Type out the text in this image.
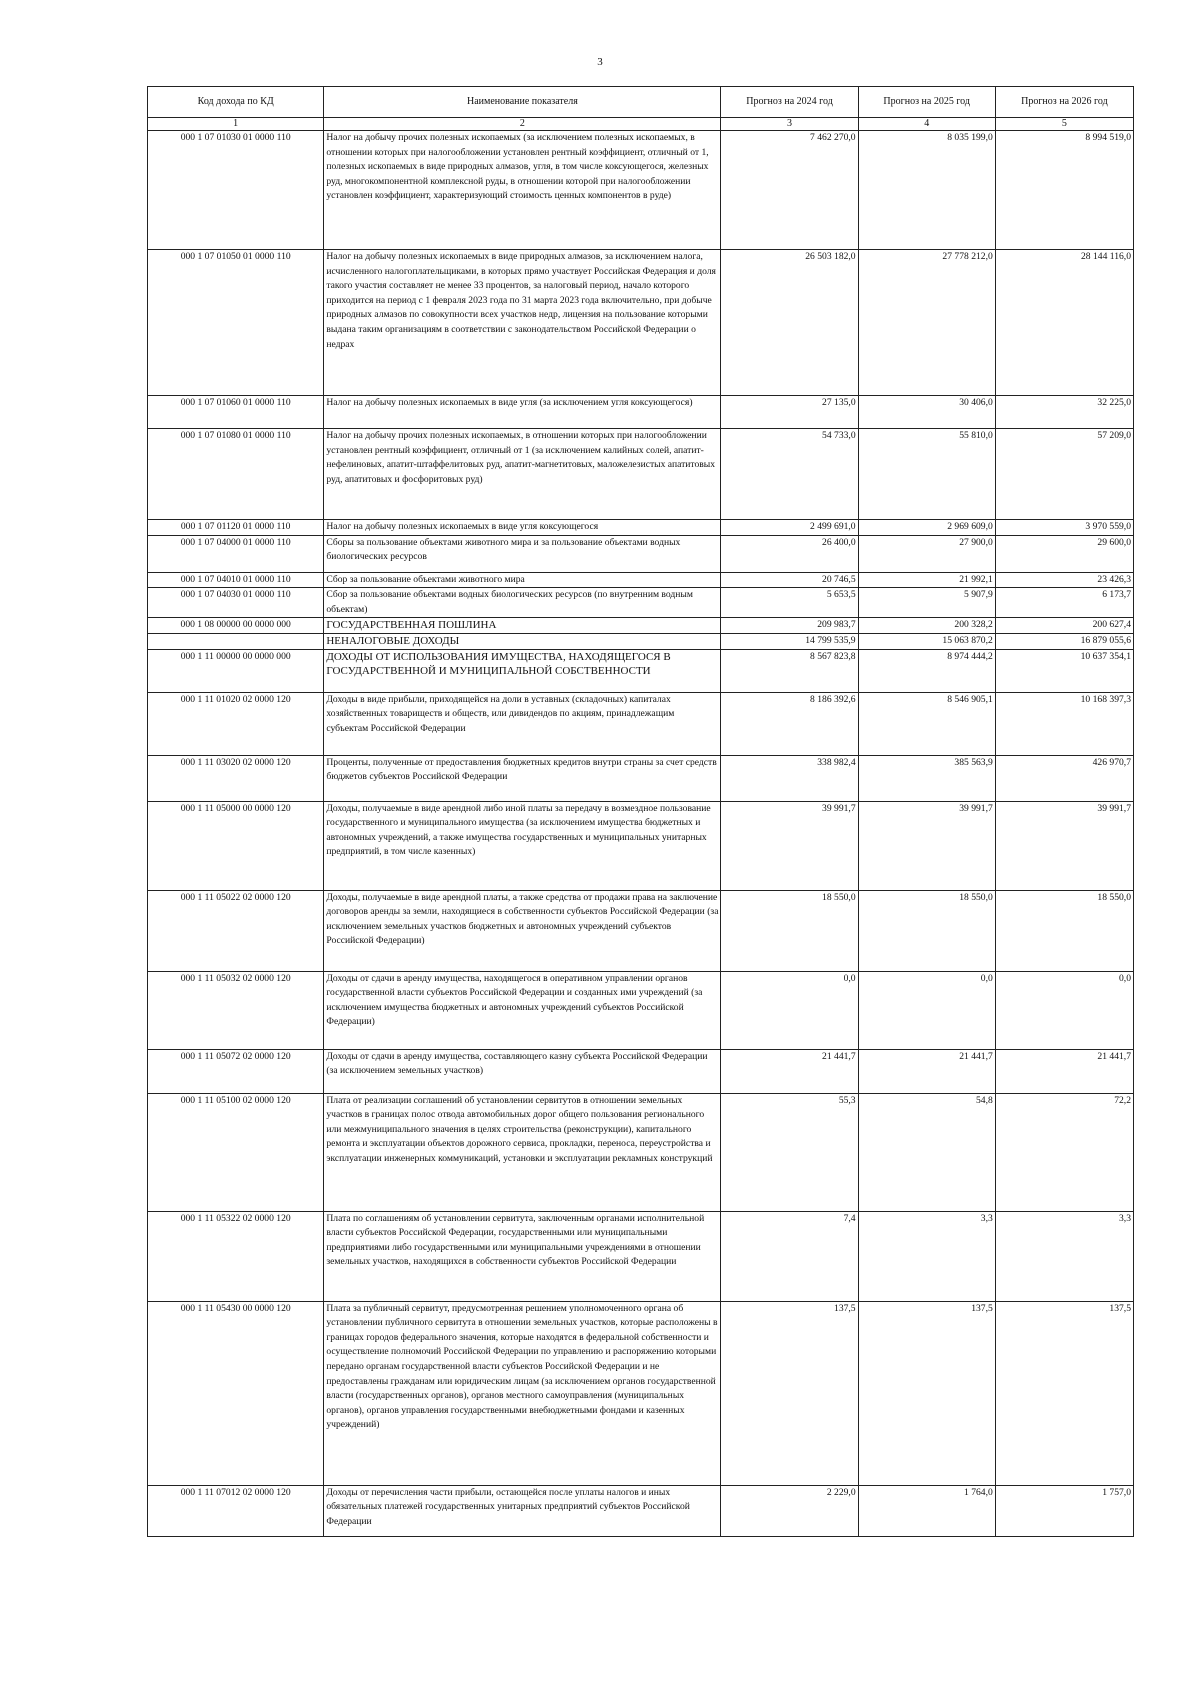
3
Код дохода по КД	Наименование показателя	Прогноз на 2024 год	Прогноз на 2025 год	Прогноз на 2026 год
1	2	3	4	5
000 1 07 01030 01 0000 110	Налог на добычу прочих полезных ископаемых (за исключением полезных ископаемых, в отношении которых при налогообложении установлен рентный коэффициент, отличный от 1, полезных ископаемых в виде природных алмазов, угля, в том числе коксующегося, железных руд, многокомпонентной комплексной руды, в отношении которой при налогообложении установлен коэффициент, характеризующий стоимость ценных компонентов в руде)	7 462 270,0	8 035 199,0	8 994 519,0
000 1 07 01050 01 0000 110	Налог на добычу полезных ископаемых в виде природных алмазов, за исключением налога, исчисленного налогоплательщиками, в которых прямо участвует Российская Федерация и доля такого участия составляет не менее 33 процентов, за налоговый период, начало которого приходится на период с 1 февраля 2023 года по 31 марта 2023 года включительно, при добыче природных алмазов по совокупности всех участков недр, лицензия на пользование которыми выдана таким организациям в соответствии с законодательством Российской Федерации о недрах	26 503 182,0	27 778 212,0	28 144 116,0
000 1 07 01060 01 0000 110	Налог на добычу полезных ископаемых в виде угля (за исключением угля коксующегося)	27 135,0	30 406,0	32 225,0
000 1 07 01080 01 0000 110	Налог на добычу прочих полезных ископаемых, в отношении которых при налогообложении установлен рентный коэффициент, отличный от 1 (за исключением калийных солей, апатит-нефелиновых, апатит-штаффелитовых руд, апатит-магнетитовых, маложелезистых апатитовых руд, апатитовых и фосфоритовых руд)	54 733,0	55 810,0	57 209,0
000 1 07 01120 01 0000 110	Налог на добычу полезных ископаемых в виде угля коксующегося	2 499 691,0	2 969 609,0	3 970 559,0
000 1 07 04000 01 0000 110	Сборы за пользование объектами животного мира и за пользование объектами водных биологических ресурсов	26 400,0	27 900,0	29 600,0
000 1 07 04010 01 0000 110	Сбор за пользование объектами животного мира	20 746,5	21 992,1	23 426,3
000 1 07 04030 01 0000 110	Сбор за пользование объектами водных биологических ресурсов (по внутренним водным объектам)	5 653,5	5 907,9	6 173,7
000 1 08 00000 00 0000 000	ГОСУДАРСТВЕННАЯ ПОШЛИНА	209 983,7	200 328,2	200 627,4
	НЕНАЛОГОВЫЕ ДОХОДЫ	14 799 535,9	15 063 870,2	16 879 055,6
000 1 11 00000 00 0000 000	ДОХОДЫ ОТ ИСПОЛЬЗОВАНИЯ ИМУЩЕСТВА, НАХОДЯЩЕГОСЯ В ГОСУДАРСТВЕННОЙ И МУНИЦИПАЛЬНОЙ СОБСТВЕННОСТИ	8 567 823,8	8 974 444,2	10 637 354,1
000 1 11 01020 02 0000 120	Доходы в виде прибыли, приходящейся на доли в уставных (складочных) капиталах хозяйственных товариществ и обществ, или дивидендов по акциям, принадлежащим субъектам Российской Федерации	8 186 392,6	8 546 905,1	10 168 397,3
000 1 11 03020 02 0000 120	Проценты, полученные от предоставления бюджетных кредитов внутри страны за счет средств бюджетов субъектов Российской Федерации	338 982,4	385 563,9	426 970,7
000 1 11 05000 00 0000 120	Доходы, получаемые в виде арендной либо иной платы за передачу в возмездное пользование государственного и муниципального имущества (за исключением имущества бюджетных и автономных учреждений, а также имущества государственных и муниципальных унитарных предприятий, в том числе казенных)	39 991,7	39 991,7	39 991,7
000 1 11 05022 02 0000 120	Доходы, получаемые в виде арендной платы, а также средства от продажи права на заключение договоров аренды за земли, находящиеся в собственности субъектов Российской Федерации (за исключением земельных участков бюджетных и автономных учреждений субъектов Российской Федерации)	18 550,0	18 550,0	18 550,0
000 1 11 05032 02 0000 120	Доходы от сдачи в аренду имущества, находящегося в оперативном управлении органов государственной власти субъектов Российской Федерации и созданных ими учреждений (за исключением имущества бюджетных и автономных учреждений субъектов Российской Федерации)	0,0	0,0	0,0
000 1 11 05072 02 0000 120	Доходы от сдачи в аренду имущества, составляющего казну субъекта Российской Федерации (за исключением земельных участков)	21 441,7	21 441,7	21 441,7
000 1 11 05100 02 0000 120	Плата от реализации соглашений об установлении сервитутов в отношении земельных участков в границах полос отвода автомобильных дорог общего пользования регионального или межмуниципального значения в целях строительства (реконструкции), капитального ремонта и эксплуатации объектов дорожного сервиса, прокладки, переноса, переустройства и эксплуатации инженерных коммуникаций, установки и эксплуатации рекламных конструкций	55,3	54,8	72,2
000 1 11 05322 02 0000 120	Плата по соглашениям об установлении сервитута, заключенным органами исполнительной власти субъектов Российской Федерации, государственными или муниципальными предприятиями либо государственными или муниципальными учреждениями в отношении земельных участков, находящихся в собственности субъектов Российской Федерации	7,4	3,3	3,3
000 1 11 05430 00 0000 120	Плата за публичный сервитут, предусмотренная решением уполномоченного органа об установлении публичного сервитута в отношении земельных участков, которые расположены в границах городов федерального значения, которые находятся в федеральной собственности и осуществление полномочий Российской Федерации по управлению и распоряжению которыми передано органам государственной власти субъектов Российской Федерации и не предоставлены гражданам или юридическим лицам (за исключением органов государственной власти (государственных органов), органов местного самоуправления (муниципальных органов), органов управления государственными внебюджетными фондами и казенных учреждений)	137,5	137,5	137,5
000 1 11 07012 02 0000 120	Доходы от перечисления части прибыли, остающейся после уплаты налогов и иных обязательных платежей государственных унитарных предприятий субъектов Российской Федерации	2 229,0	1 764,0	1 757,0
